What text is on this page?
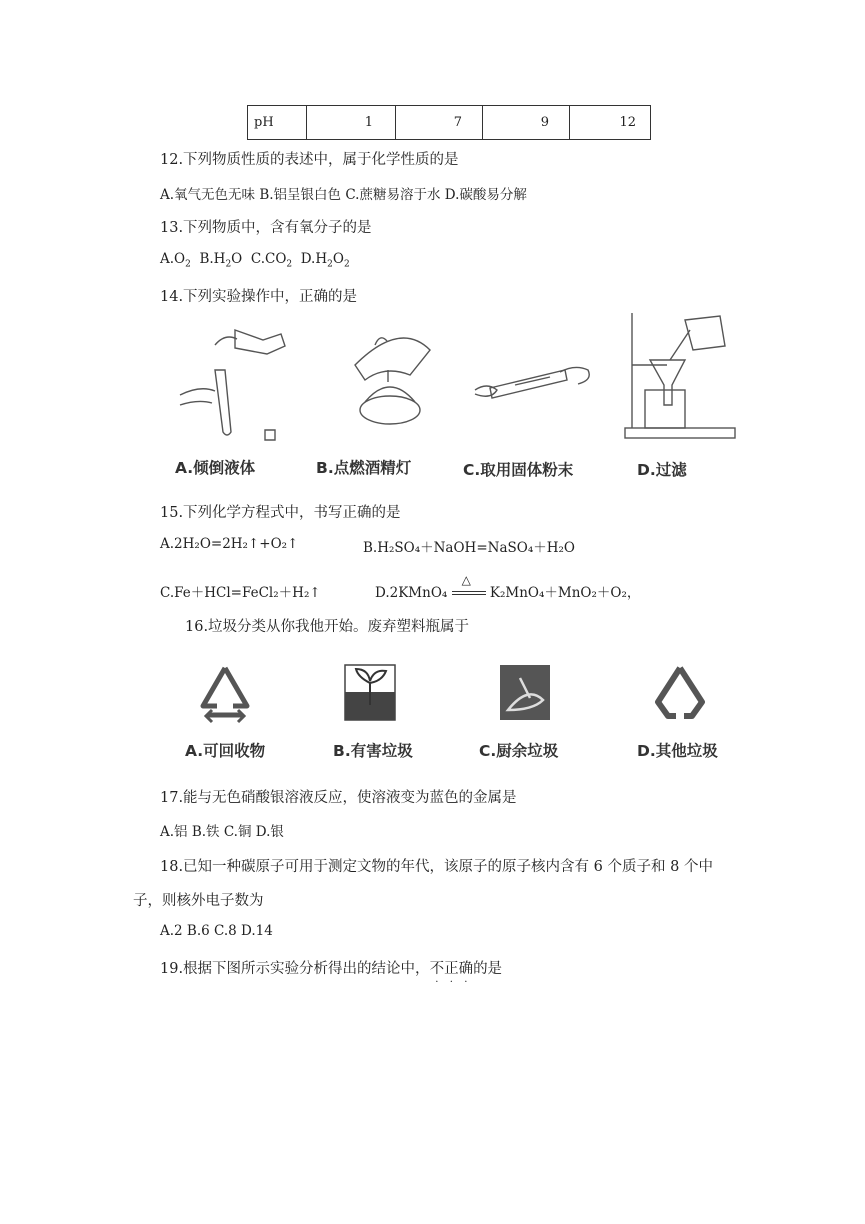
pH	1	7	9	12
12.下列物质性质的表述中，属于化学性质的是
A.氧气无色无味 B.铝呈银白色 C.蔗糖易溶于水 D.碳酸易分解
13.下列物质中，含有氧分子的是
$A.O_2$ $B.H_2O$ $C.CO_2$ $D.H_2O_2$
14.下列实验操作中，正确的是
A.倾倒液体	B.点燃酒精灯	C.取用固体粉末	D.过滤
15.下列化学方程式中，书写正确的是
A.2H₂O=2H₂↑+O₂↑	B.H₂SO₄＋NaOH=NaSO₄＋H₂O
C.Fe＋HCl=FeCl₂＋H₂↑	D.2KMnO₄
△
K₂MnO₄＋MnO₂＋O₂，
16.垃圾分类从你我他开始。废弃塑料瓶属于
A.可回收物	B.有害垃圾	C.厨余垃圾	D.其他垃圾
17.能与无色硝酸银溶液反应，使溶液变为蓝色的金属是
A.铝 B.铁 C.铜 D.银
18.已知一种碳原子可用于测定文物的年代，该原子的原子核内含有 6 个质子和 8 个中
子，则核外电子数为
A.2 B.6 C.8 D.14
19.根据下图所示实验分析得出的结论中，不正确的是
